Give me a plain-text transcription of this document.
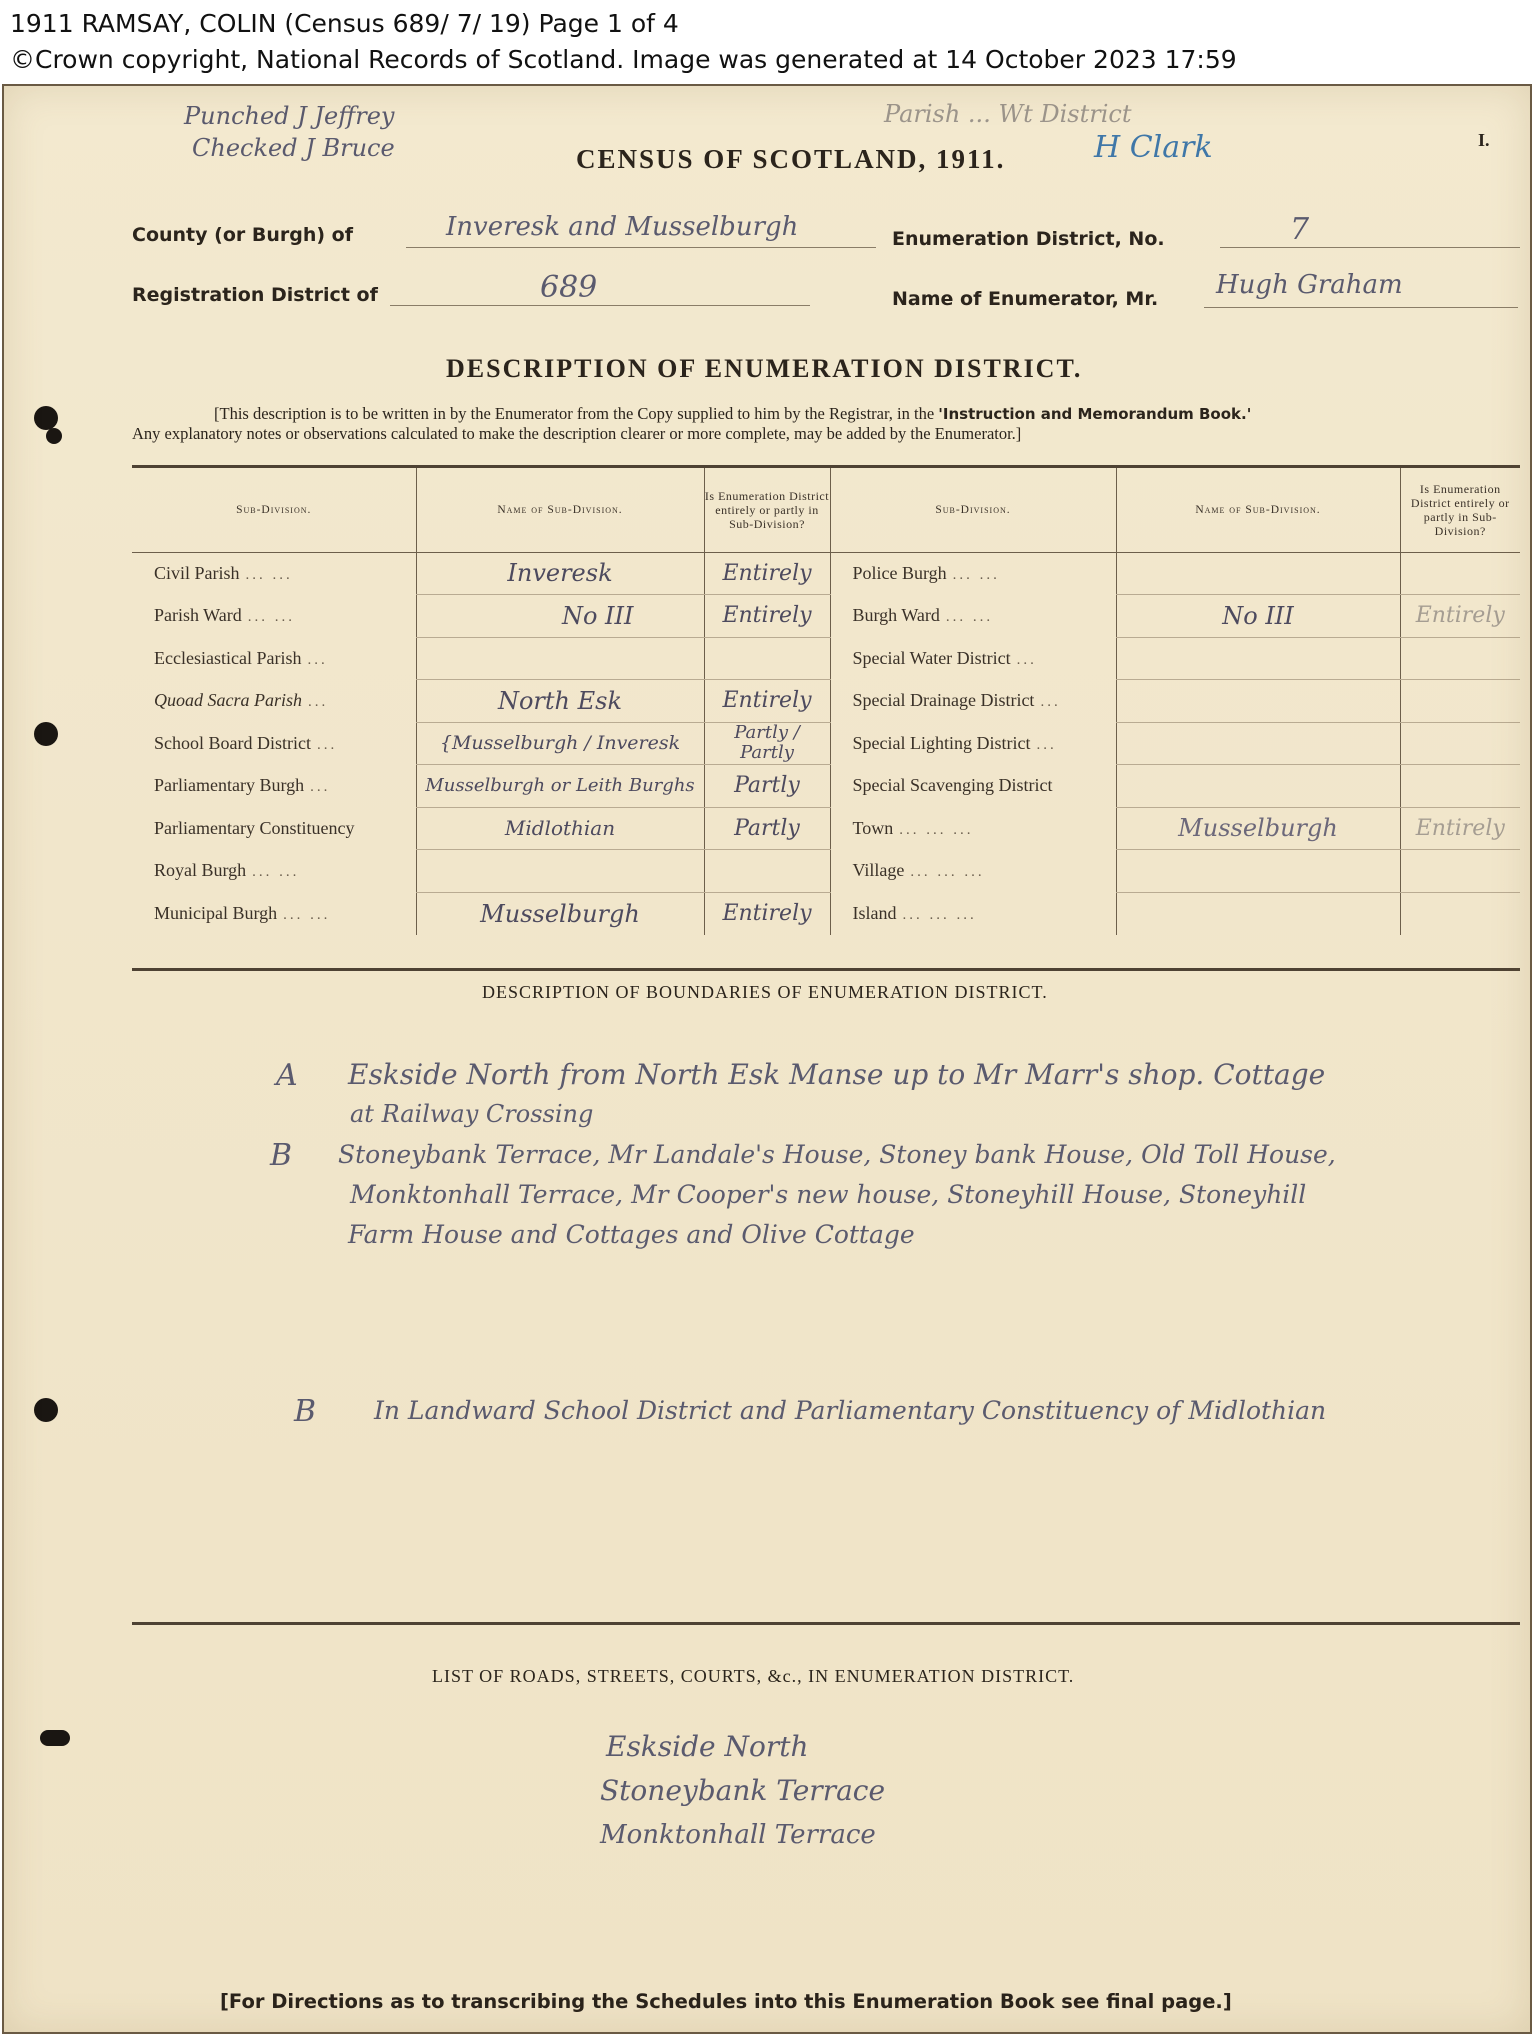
1911 RAMSAY, COLIN (Census 689/ 7/ 19) Page 1 of 4
©Crown copyright, National Records of Scotland. Image was generated at 14 October 2023 17:59
Punched J Jeffrey
Checked J Bruce
Parish ... Wt District
I.
CENSUS OF SCOTLAND, 1911.	H Clark
County (or Burgh) of	Inveresk and Musselburgh	Enumeration District, No.	7
Registration District of	689	Name of Enumerator, Mr.	Hugh Graham
DESCRIPTION OF ENUMERATION DISTRICT.
[This description is to be written in by the Enumerator from the Copy supplied to him by the Registrar, in the 'Instruction and Memorandum Book.'
Any explanatory notes or observations calculated to make the description clearer or more complete, may be added by the Enumerator.]
Sub-Division.	Name of Sub-Division.	Is Enumeration District entirely or partly in Sub-Division?	Sub-Division.	Name of Sub-Division.	Is Enumeration District entirely or partly in Sub-Division?
Civil Parish ... ...	Inveresk	Entirely	Police Burgh ... ...		
Parish Ward ... ...	No III	Entirely	Burgh Ward ... ...	No III	Entirely
Ecclesiastical Parish ...			Special Water District ...		
Quoad Sacra Parish ...	North Esk	Entirely	Special Drainage District ...		
School Board District ...	{Musselburgh / Inveresk	Partly / Partly	Special Lighting District ...		
Parliamentary Burgh ...	Musselburgh or Leith Burghs	Partly	Special Scavenging District		
Parliamentary Constituency	Midlothian	Partly	Town ... ... ...	Musselburgh	Entirely
Royal Burgh ... ...			Village ... ... ...		
Municipal Burgh ... ...	Musselburgh	Entirely	Island ... ... ...		
DESCRIPTION OF BOUNDARIES OF ENUMERATION DISTRICT.
A Eskside North from North Esk Manse up to Mr Marr's shop. Cottage
at Railway Crossing
B Stoneybank Terrace, Mr Landale's House, Stoney bank House, Old Toll House,
Monktonhall Terrace, Mr Cooper's new house, Stoneyhill House, Stoneyhill
Farm House and Cottages and Olive Cottage
B In Landward School District and Parliamentary Constituency of Midlothian
LIST OF ROADS, STREETS, COURTS, &c., IN ENUMERATION DISTRICT.
Eskside North
Stoneybank Terrace
Monktonhall Terrace
[For Directions as to transcribing the Schedules into this Enumeration Book see final page.]
